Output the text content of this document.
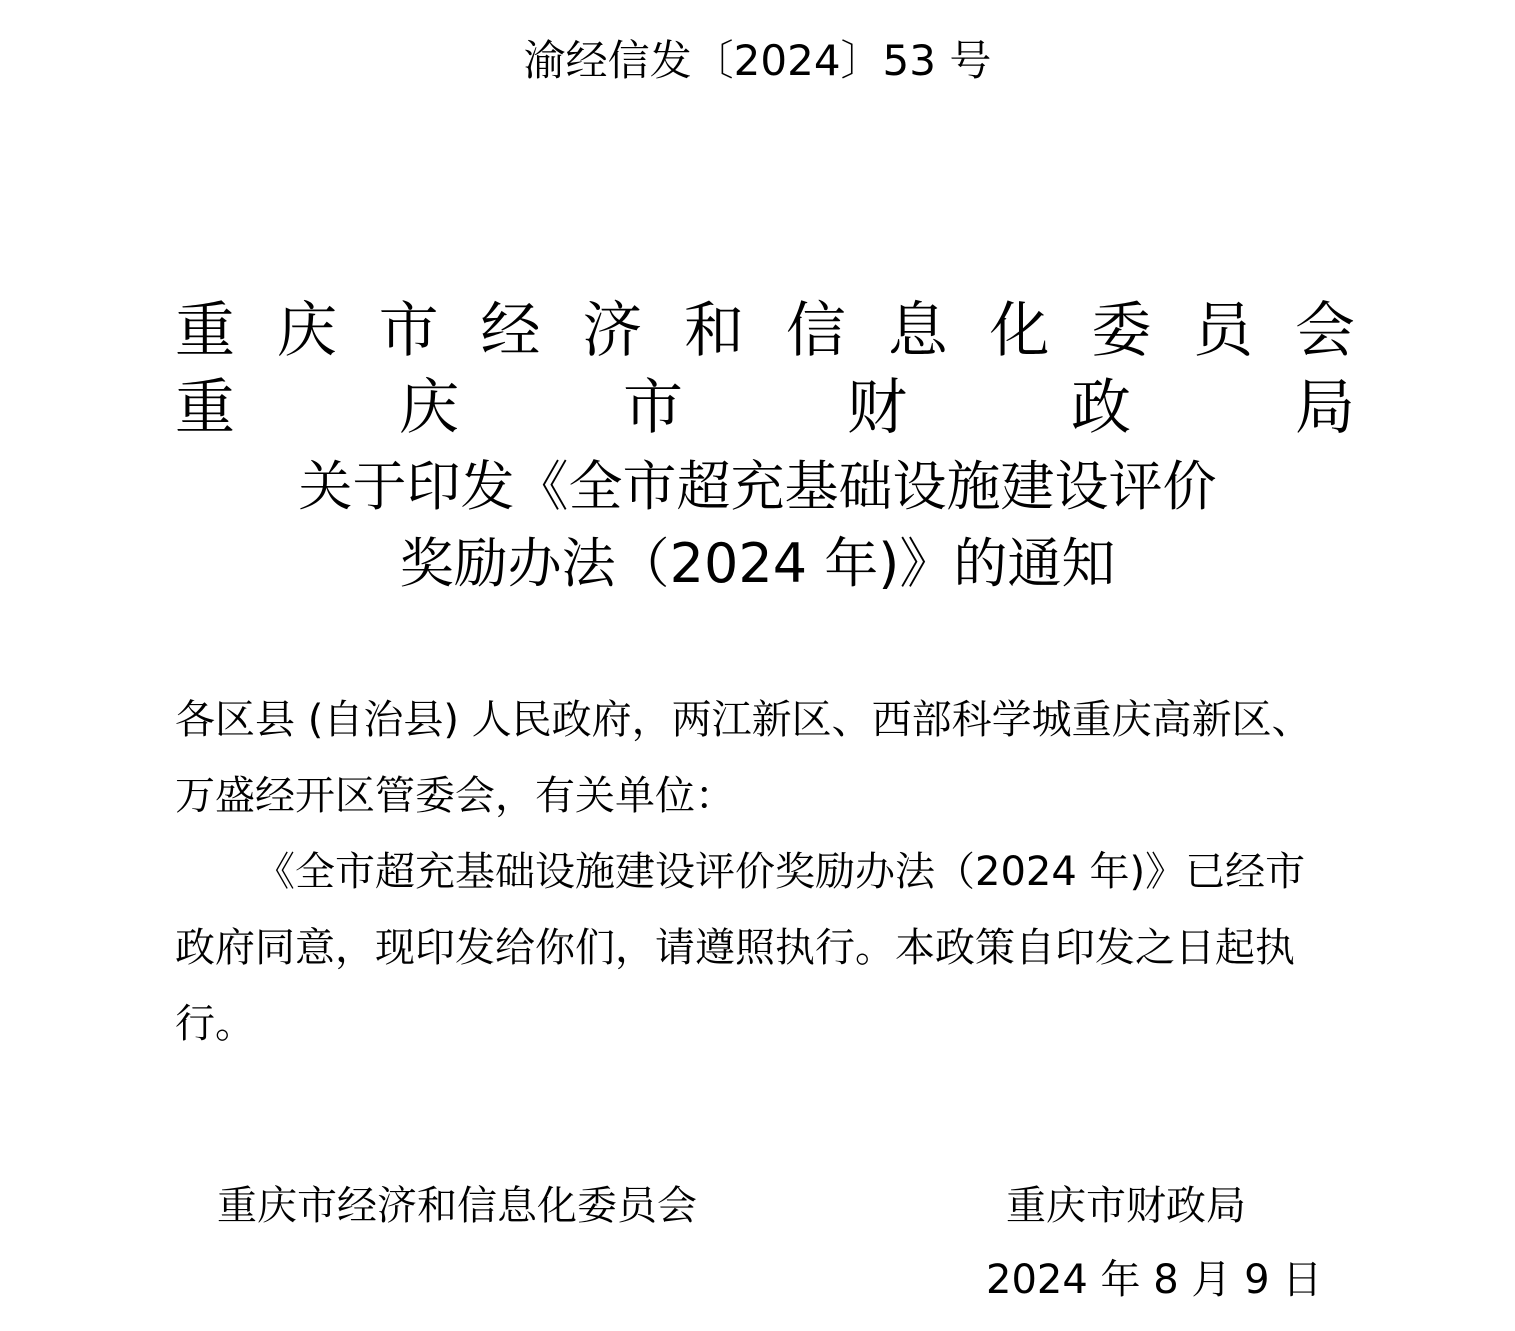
渝经信发〔2024〕53 号
重 庆 市 经 济 和 信 息 化 委 员 会
重	庆	市	财	政	局
关于印发《全市超充基础设施建设评价
奖励办法（2024 年)》的通知
各区县 (自治县) 人民政府，两江新区、西部科学城重庆高新区、
万盛经开区管委会，有关单位：
《全市超充基础设施建设评价奖励办法（2024 年)》已经市
政府同意，现印发给你们，请遵照执行。本政策自印发之日起执
行。
重庆市经济和信息化委员会	重庆市财政局
2024 年 8 月 9 日
